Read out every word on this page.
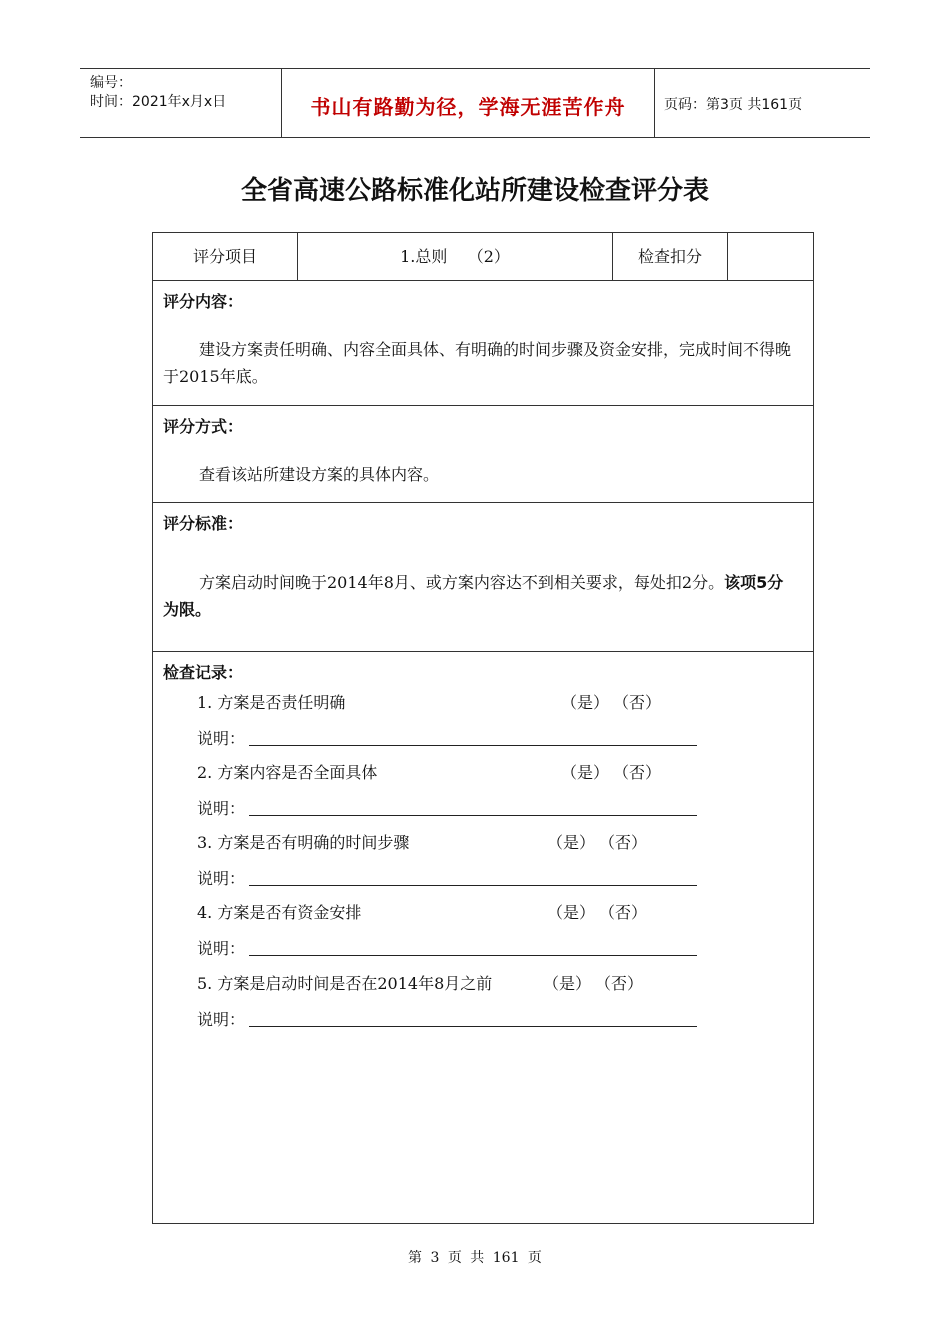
编号：
时间：2021年x月x日	书山有路勤为径，学海无涯苦作舟	页码：第3页 共161页
全省高速公路标准化站所建设检查评分表
评分项目	1.总则    （2）	检查扣分
评分内容：
建设方案责任明确、内容全面具体、有明确的时间步骤及资金安排，完成时间不得晚于2015年底。
评分方式：
查看该站所建设方案的具体内容。
评分标准：
方案启动时间晚于2014年8月、或方案内容达不到相关要求，每处扣2分。该项5分为限。
检查记录：
1. 方案是否责任明确	（是） （否）
说明：
2. 方案内容是否全面具体	（是） （否）
说明：
3. 方案是否有明确的时间步骤	（是） （否）
说明：
4. 方案是否有资金安排	（是） （否）
说明：
5. 方案是启动时间是否在2014年8月之前	（是） （否）
说明：
第 3 页 共 161 页
